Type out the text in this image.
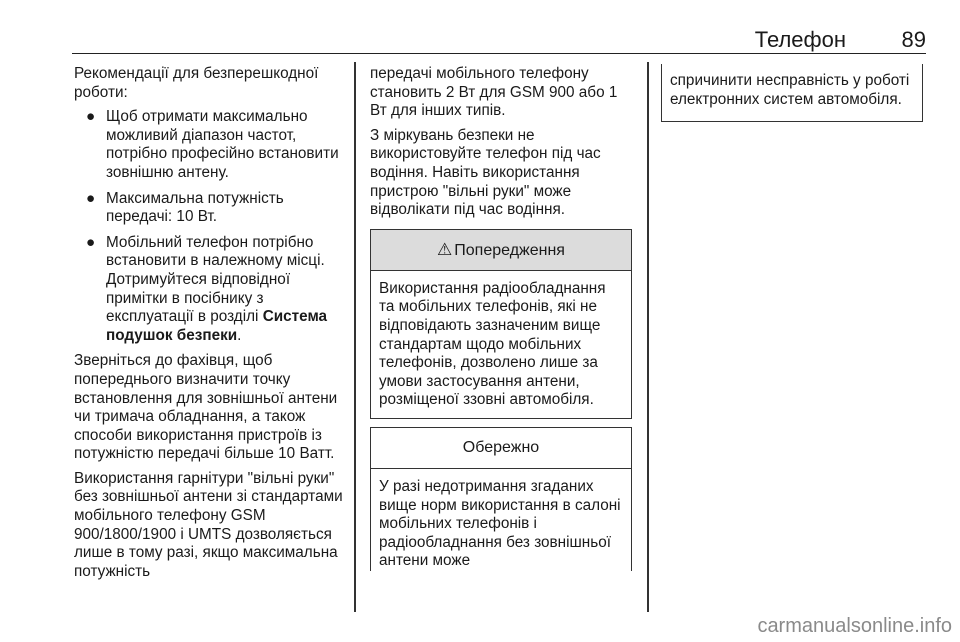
Телефон	89

Рекомендації для безперешкодної роботи:

● Щоб отримати максимально можливий діапазон частот, потрібно професійно встановити зовнішню антену.
● Максимальна потужність передачі: 10 Вт.
● Мобільний телефон потрібно встановити в належному місці. Дотримуйтеся відповідної примітки в посібнику з експлуатації в розділі Система подушок безпеки.

Зверніться до фахівця, щоб попереднього визначити точку встановлення для зовнішньої антени чи тримача обладнання, а також способи використання пристроїв із потужністю передачі більше 10 Ватт.

Використання гарнітури "вільні руки" без зовнішньої антени зі стандартами мобільного телефону GSM 900/1800/1900 і UMTS дозволяється лише в тому разі, якщо максимальна потужність

передачі мобільного телефону становить 2 Вт для GSM 900 або 1 Вт для інших типів.

З міркувань безпеки не використовуйте телефон під час водіння. Навіть використання пристрою "вільні руки" може відволікати під час водіння.

⚠ Попередження
Використання радіообладнання та мобільних телефонів, які не відповідають зазначеним вище стандартам щодо мобільних телефонів, дозволено лише за умови застосування антени, розміщеної ззовні автомобіля.
Обережно
У разі недотримання згаданих вище норм використання в салоні мобільних телефонів і радіообладнання без зовнішньої антени може
спричинити несправність у роботі електронних систем автомобіля.
carmanualsonline.info
